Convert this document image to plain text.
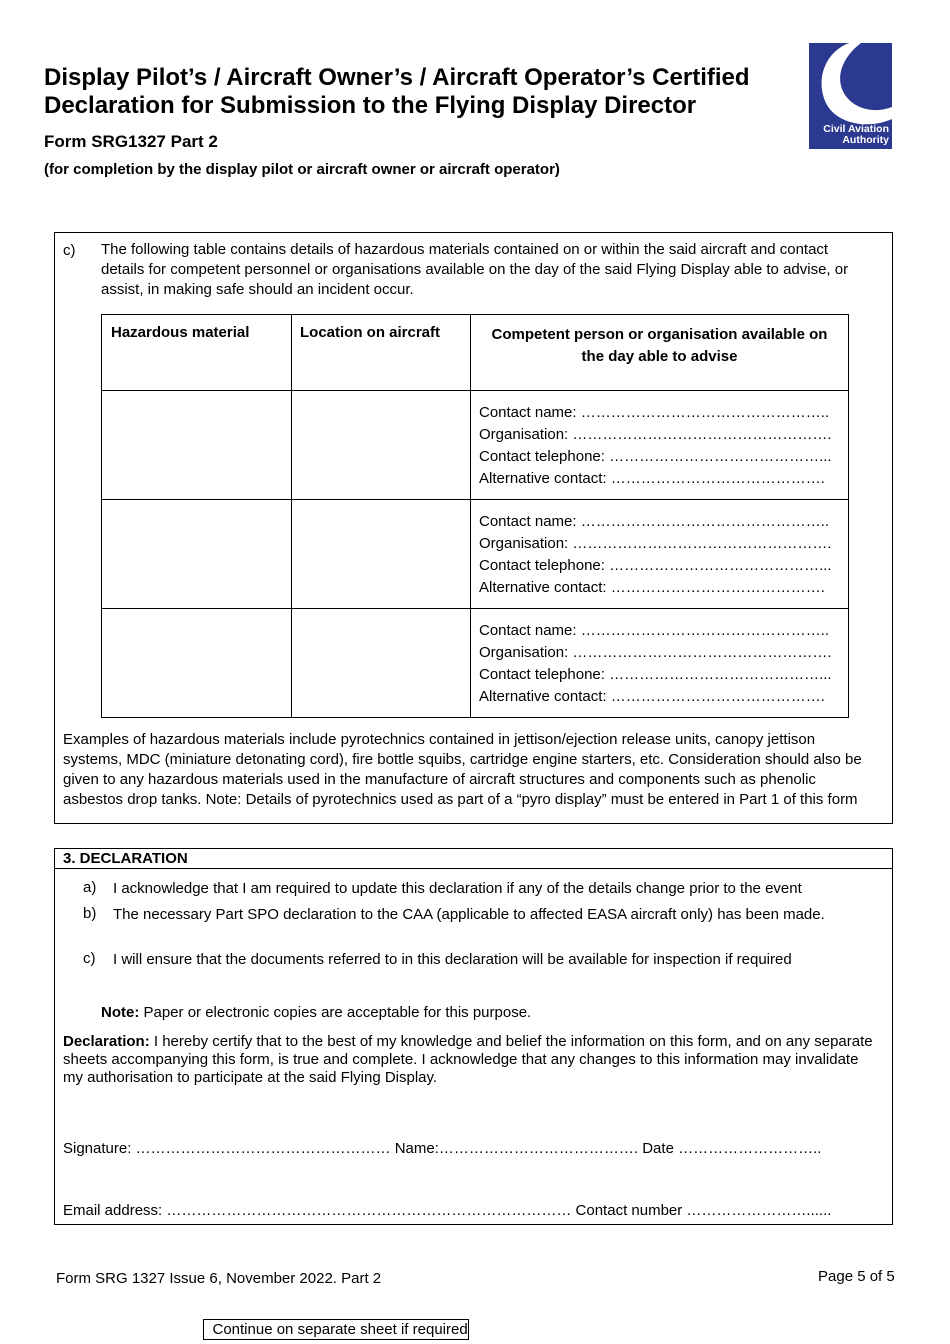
Display Pilot’s / Aircraft Owner’s / Aircraft Operator’s Certified
Declaration for Submission to the Flying Display Director
Form SRG1327 Part 2
(for completion by the display pilot or aircraft owner or aircraft operator)
Civil Aviation
Authority
c) The following table contains details of hazardous materials contained on or within the said aircraft and contact details for competent personnel or organisations available on the day of the said Flying Display able to advise, or assist, in making safe should an incident occur.
Hazardous material	Location on aircraft	Competent person or organisation available on the day able to advise

		Contact name: …………………………………………..
Organisation: …………………………………………….
Contact telephone: ……………………………………...
Alternative contact: …………………………………….

		Contact name: …………………………………………..
Organisation: …………………………………………….
Contact telephone: ……………………………………...
Alternative contact: …………………………………….

		Contact name: …………………………………………..
Organisation: …………………………………………….
Contact telephone: ……………………………………...
Alternative contact: …………………………………….

Continue on separate sheet if required
Examples of hazardous materials include pyrotechnics contained in jettison/ejection release units, canopy jettison systems, MDC (miniature detonating cord), fire bottle squibs, cartridge engine starters, etc. Consideration should also be given to any hazardous materials used in the manufacture of aircraft structures and components such as phenolic asbestos drop tanks. Note: Details of pyrotechnics used as part of a “pyro display” must be entered in Part 1 of this form
3. DECLARATION
a) I acknowledge that I am required to update this declaration if any of the details change prior to the event
b) The necessary Part SPO declaration to the CAA (applicable to affected EASA aircraft only) has been made.
c) I will ensure that the documents referred to in this declaration will be available for inspection if required
Note: Paper or electronic copies are acceptable for this purpose.
Declaration: I hereby certify that to the best of my knowledge and belief the information on this form, and on any separate sheets accompanying this form, is true and complete. I acknowledge that any changes to this information may invalidate my authorisation to participate at the said Flying Display.
Signature: …………………………………………… Name:…………………………………. Date ………………………..
Email address: ……………………………………………………………………… Contact number ……………………......
Form SRG 1327 Issue 6, November 2022. Part 2	Page 5 of 5
